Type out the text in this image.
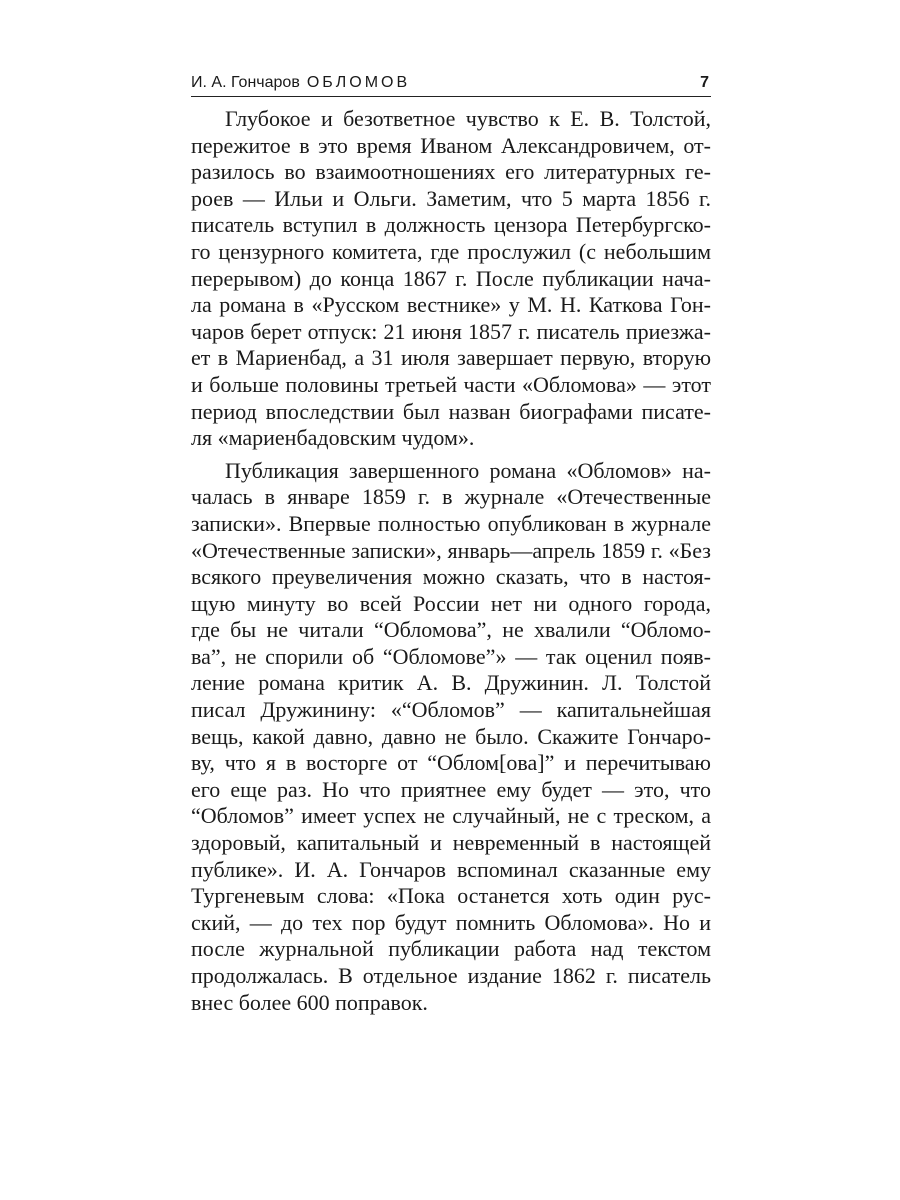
И. А. Гончаров ОБЛОМОВ	7
Глубокое и безответное чувство к Е. В. Толстой,
пережитое в это время Иваном Александровичем, от-
разилось во взаимоотношениях его литературных ге-
роев — Ильи и Ольги. Заметим, что 5 марта 1856 г.
писатель вступил в должность цензора Петербургско-
го цензурного комитета, где прослужил (с небольшим
перерывом) до конца 1867 г. После публикации нача-
ла романа в «Русском вестнике» у М. Н. Каткова Гон-
чаров берет отпуск: 21 июня 1857 г. писатель приезжа-
ет в Мариенбад, а 31 июля завершает первую, вторую
и больше половины третьей части «Обломова» — этот
период впоследствии был назван биографами писате-
ля «мариенбадовским чудом».
Публикация завершенного романа «Обломов» на-
чалась в январе 1859 г. в журнале «Отечественные
записки». Впервые полностью опубликован в журнале
«Отечественные записки», январь—апрель 1859 г. «Без
всякого преувеличения можно сказать, что в настоя-
щую минуту во всей России нет ни одного города,
где бы не читали “Обломова”, не хвалили “Обломо-
ва”, не спорили об “Обломове”» — так оценил появ-
ление романа критик А. В. Дружинин. Л. Толстой
писал Дружинину: «“Обломов” — капитальнейшая
вещь, какой давно, давно не было. Скажите Гончаро-
ву, что я в восторге от “Облом[ова]” и перечитываю
его еще раз. Но что приятнее ему будет — это, что
“Обломов” имеет успех не случайный, не с треском, а
здоровый, капитальный и невременный в настоящей
публике». И. А. Гончаров вспоминал сказанные ему
Тургеневым слова: «Пока останется хоть один рус-
ский, — до тех пор будут помнить Обломова». Но и
после журнальной публикации работа над текстом
продолжалась. В отдельное издание 1862 г. писатель
внес более 600 поправок.
